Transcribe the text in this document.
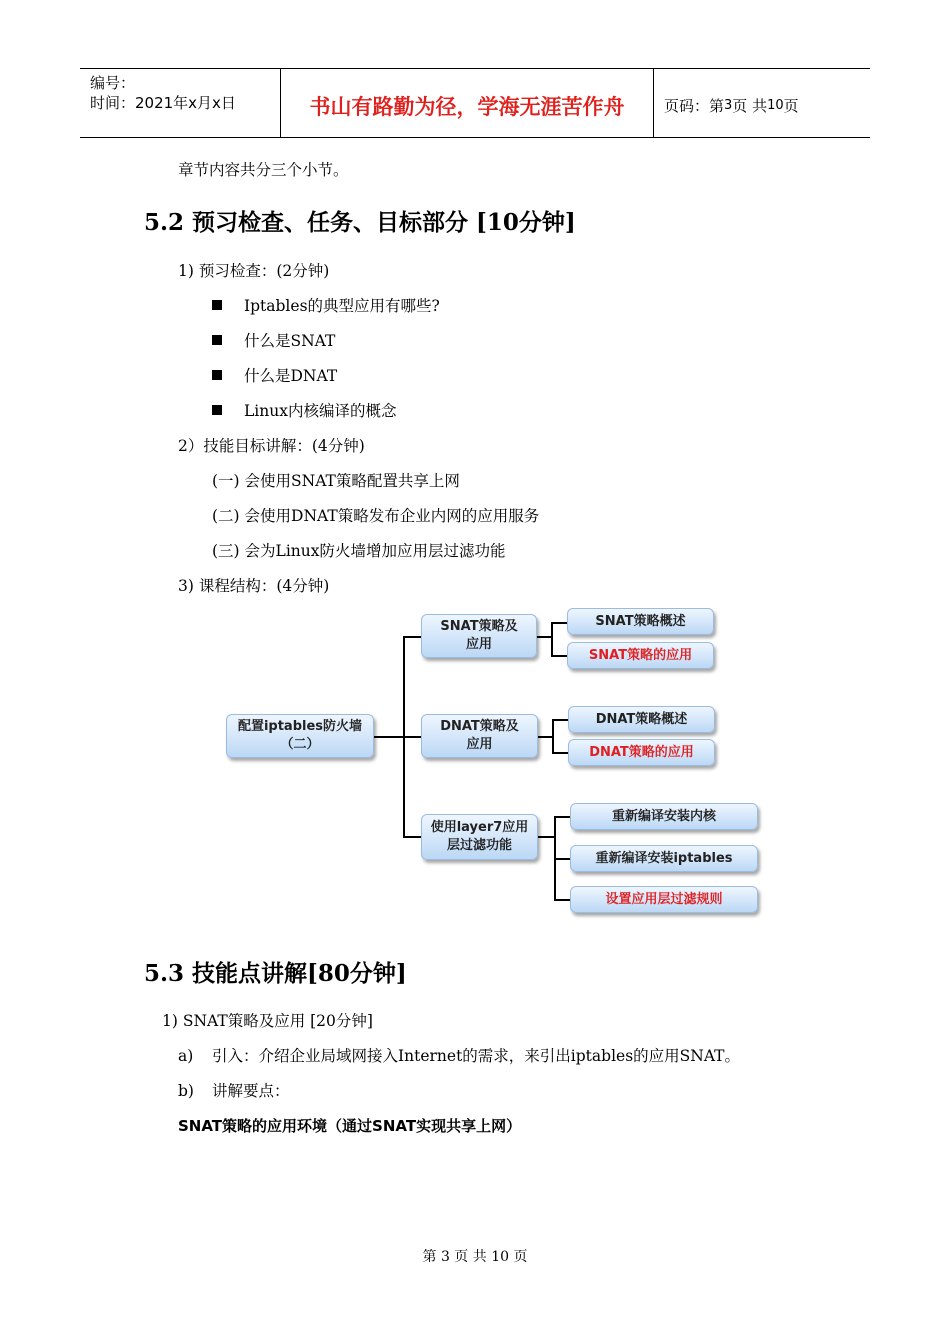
编号：
时间：2021年x月x日	书山有路勤为径，学海无涯苦作舟	页码：第 3 页 共 10 页
章节内容共分三个小节。
5.2 预习检查、任务、目标部分 [10分钟]
1) 预习检查：(2分钟)
Iptables的典型应用有哪些?
什么是SNAT
什么是DNAT
Linux内核编译的概念
2）技能目标讲解：(4分钟)
(一) 会使用SNAT策略配置共享上网
(二) 会使用DNAT策略发布企业内网的应用服务
(三) 会为Linux防火墙增加应用层过滤功能
3) 课程结构：(4分钟)
配置iptables防火墙（二）
SNAT策略及应用
DNAT策略及应用
使用layer7应用层过滤功能
SNAT策略概述
SNAT策略的应用
DNAT策略概述
DNAT策略的应用
重新编译安装内核
重新编译安装iptables
设置应用层过滤规则
5.3 技能点讲解[80分钟]
1) SNAT策略及应用 [20分钟]
a) 引入：介绍企业局域网接入Internet的需求，来引出iptables的应用SNAT。
b) 讲解要点：
SNAT策略的应用环境（通过SNAT实现共享上网）
第 3 页 共 10 页
